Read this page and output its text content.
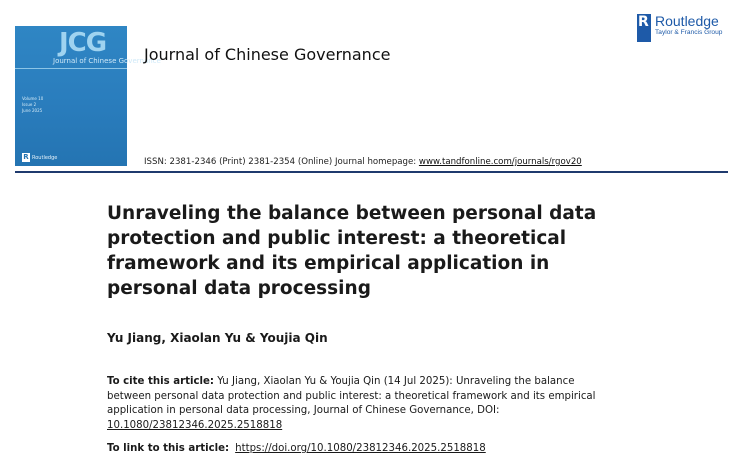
JCG
Journal of Chinese Governance
Volume 10
Issue 2
June 2025
R Routledge
Journal of Chinese Governance
R Routledge
Taylor & Francis Group
ISSN: 2381-2346 (Print) 2381-2354 (Online) Journal homepage: www.tandfonline.com/journals/rgov20
Unraveling the balance between personal data protection and public interest: a theoretical framework and its empirical application in personal data processing
Yu Jiang, Xiaolan Yu & Youjia Qin
To cite this article: Yu Jiang, Xiaolan Yu & Youjia Qin (14 Jul 2025): Unraveling the balance between personal data protection and public interest: a theoretical framework and its empirical application in personal data processing, Journal of Chinese Governance, DOI: 10.1080/23812346.2025.2518818
To link to this article: https://doi.org/10.1080/23812346.2025.2518818
